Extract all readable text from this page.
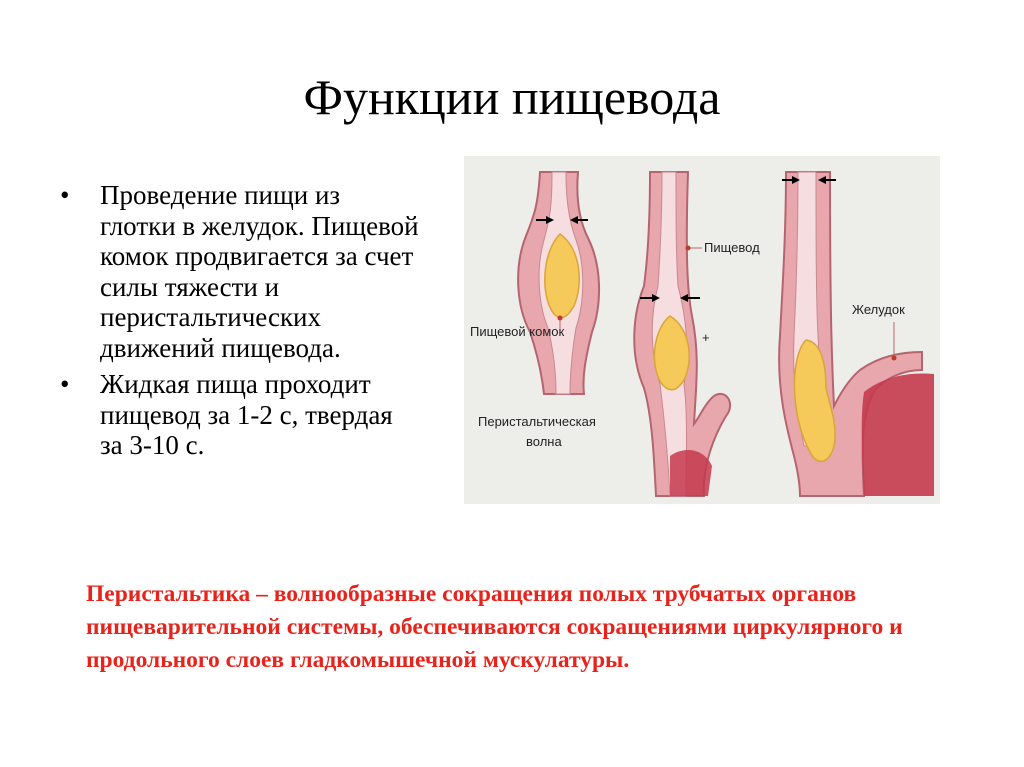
Функции пищевода
• Проведение пищи из глотки в желудок. Пищевой комок продвигается за счет силы тяжести и перистальтических движений пищевода.
• Жидкая пища проходит пищевод за 1-2 с, твердая за 3-10 с.
Пищевод
Желудок
Пищевой комок	+
Перистальтическая
волна

Перистальтика – волнообразные сокращения полых трубчатых органов пищеварительной системы, обеспечиваются сокращениями циркулярного и продольного слоев гладкомышечной мускулатуры.
